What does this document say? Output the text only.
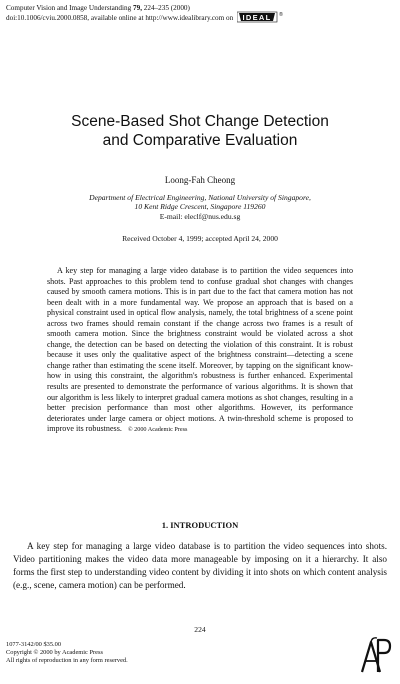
Computer Vision and Image Understanding 79, 224–235 (2000)
doi:10.1006/cviu.2000.0858, available online at http://www.idealibrary.com on IDEAL ®
Scene-Based Shot Change Detection
and Comparative Evaluation
Loong-Fah Cheong
Department of Electrical Engineering, National University of Singapore,
10 Kent Ridge Crescent, Singapore 119260
E-mail: eleclf@nus.edu.sg
Received October 4, 1999; accepted April 24, 2000
A key step for managing a large video database is to partition the video sequences into shots. Past approaches to this problem tend to confuse gradual shot changes with changes caused by smooth camera motions. This is in part due to the fact that camera motion has not been dealt with in a more fundamental way. We propose an approach that is based on a physical constraint used in optical flow analysis, namely, the total brightness of a scene point across two frames should remain constant if the change across two frames is a result of smooth camera motion. Since the brightness constraint would be violated across a shot change, the detection can be based on detecting the violation of this constraint. It is robust because it uses only the qualitative aspect of the brightness constraint—detecting a scene change rather than estimating the scene itself. Moreover, by tapping on the significant know-how in using this constraint, the algorithm's robustness is further enhanced. Experimental results are presented to demonstrate the performance of various algorithms. It is shown that our algorithm is less likely to interpret gradual camera motions as shot changes, resulting in a better precision performance than most other algorithms. However, its performance deteriorates under large camera or object motions. A twin-threshold scheme is proposed to improve its robustness. © 2000 Academic Press
1. INTRODUCTION
A key step for managing a large video database is to partition the video sequences into shots. Video partitioning makes the video data more manageable by imposing on it a hierarchy. It also forms the first step to understanding video content by dividing it into shots on which content analysis (e.g., scene, camera motion) can be performed.
224
1077-3142/00 $35.00
Copyright © 2000 by Academic Press
All rights of reproduction in any form reserved.
